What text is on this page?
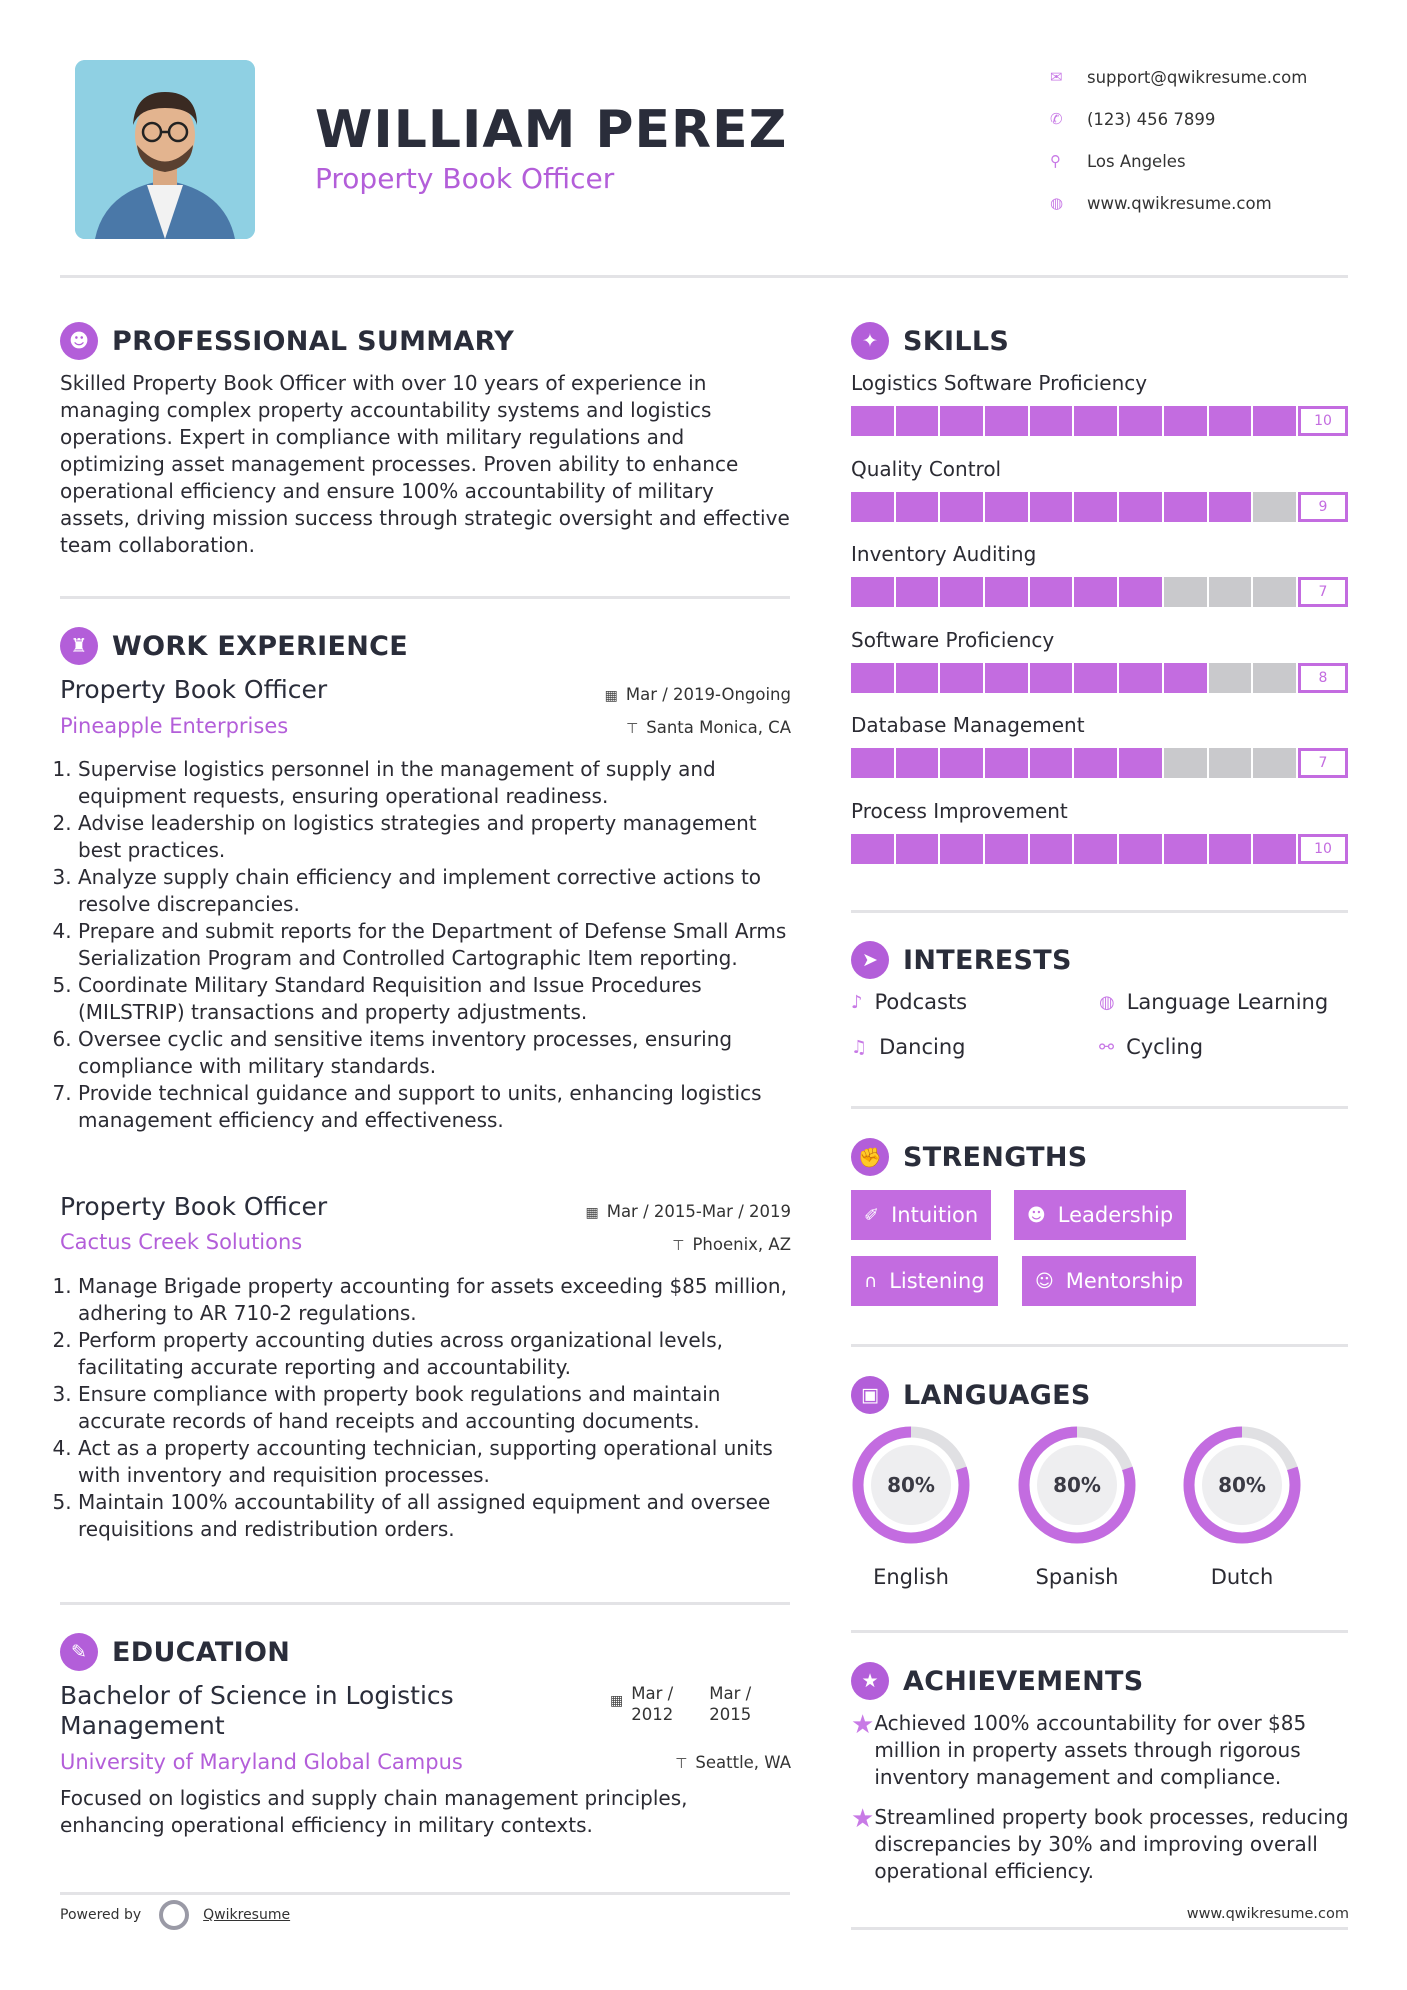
WILLIAM PEREZ
Property Book Officer
✉	support@qwikresume.com
✆	(123) 456 7899
⚲	Los Angeles
◍	www.qwikresume.com
☻ PROFESSIONAL SUMMARY
Skilled Property Book Officer with over 10 years of experience in managing complex property accountability systems and logistics operations. Expert in compliance with military regulations and optimizing asset management processes. Proven ability to enhance operational efficiency and ensure 100% accountability of military assets, driving mission success through strategic oversight and effective team collaboration.
♜ WORK EXPERIENCE
Property Book Officer
Pineapple Enterprises
▦ Mar / 2019-Ongoing
⊤ Santa Monica, CA
1. Supervise logistics personnel in the management of supply and equipment requests, ensuring operational readiness.
2. Advise leadership on logistics strategies and property management best practices.
3. Analyze supply chain efficiency and implement corrective actions to resolve discrepancies.
4. Prepare and submit reports for the Department of Defense Small Arms Serialization Program and Controlled Cartographic Item reporting.
5. Coordinate Military Standard Requisition and Issue Procedures (MILSTRIP) transactions and property adjustments.
6. Oversee cyclic and sensitive items inventory processes, ensuring compliance with military standards.
7. Provide technical guidance and support to units, enhancing logistics management efficiency and effectiveness.
Property Book Officer
Cactus Creek Solutions
▦ Mar / 2015-Mar / 2019
⊤ Phoenix, AZ
1. Manage Brigade property accounting for assets exceeding $85 million, adhering to AR 710-2 regulations.
2. Perform property accounting duties across organizational levels, facilitating accurate reporting and accountability.
3. Ensure compliance with property book regulations and maintain accurate records of hand receipts and accounting documents.
4. Act as a property accounting technician, supporting operational units with inventory and requisition processes.
5. Maintain 100% accountability of all assigned equipment and oversee requisitions and redistribution orders.
✎ EDUCATION
Bachelor of Science in Logistics Management
▦ Mar / 2012
Mar / 2015
University of Maryland Global Campus	⊤ Seattle, WA
Focused on logistics and supply chain management principles, enhancing operational efficiency in military contexts.
✦ SKILLS
Logistics Software Proficiency
10
Quality Control
9
Inventory Auditing
7
Software Proficiency
8
Database Management
7
Process Improvement
10
➤ INTERESTS
♪ Podcasts	◍ Language Learning
♫ Dancing	⚯ Cycling
✊ STRENGTHS
✐ Intuition	☻ Leadership
∩ Listening	☺ Mentorship
▣ LANGUAGES
80%
English
80%
Spanish
80%
Dutch
★ ACHIEVEMENTS
★ Achieved 100% accountability for over $85 million in property assets through rigorous inventory management and compliance.
★ Streamlined property book processes, reducing discrepancies by 30% and improving overall operational efficiency.
Powered by	Qwikresume	www.qwikresume.com
